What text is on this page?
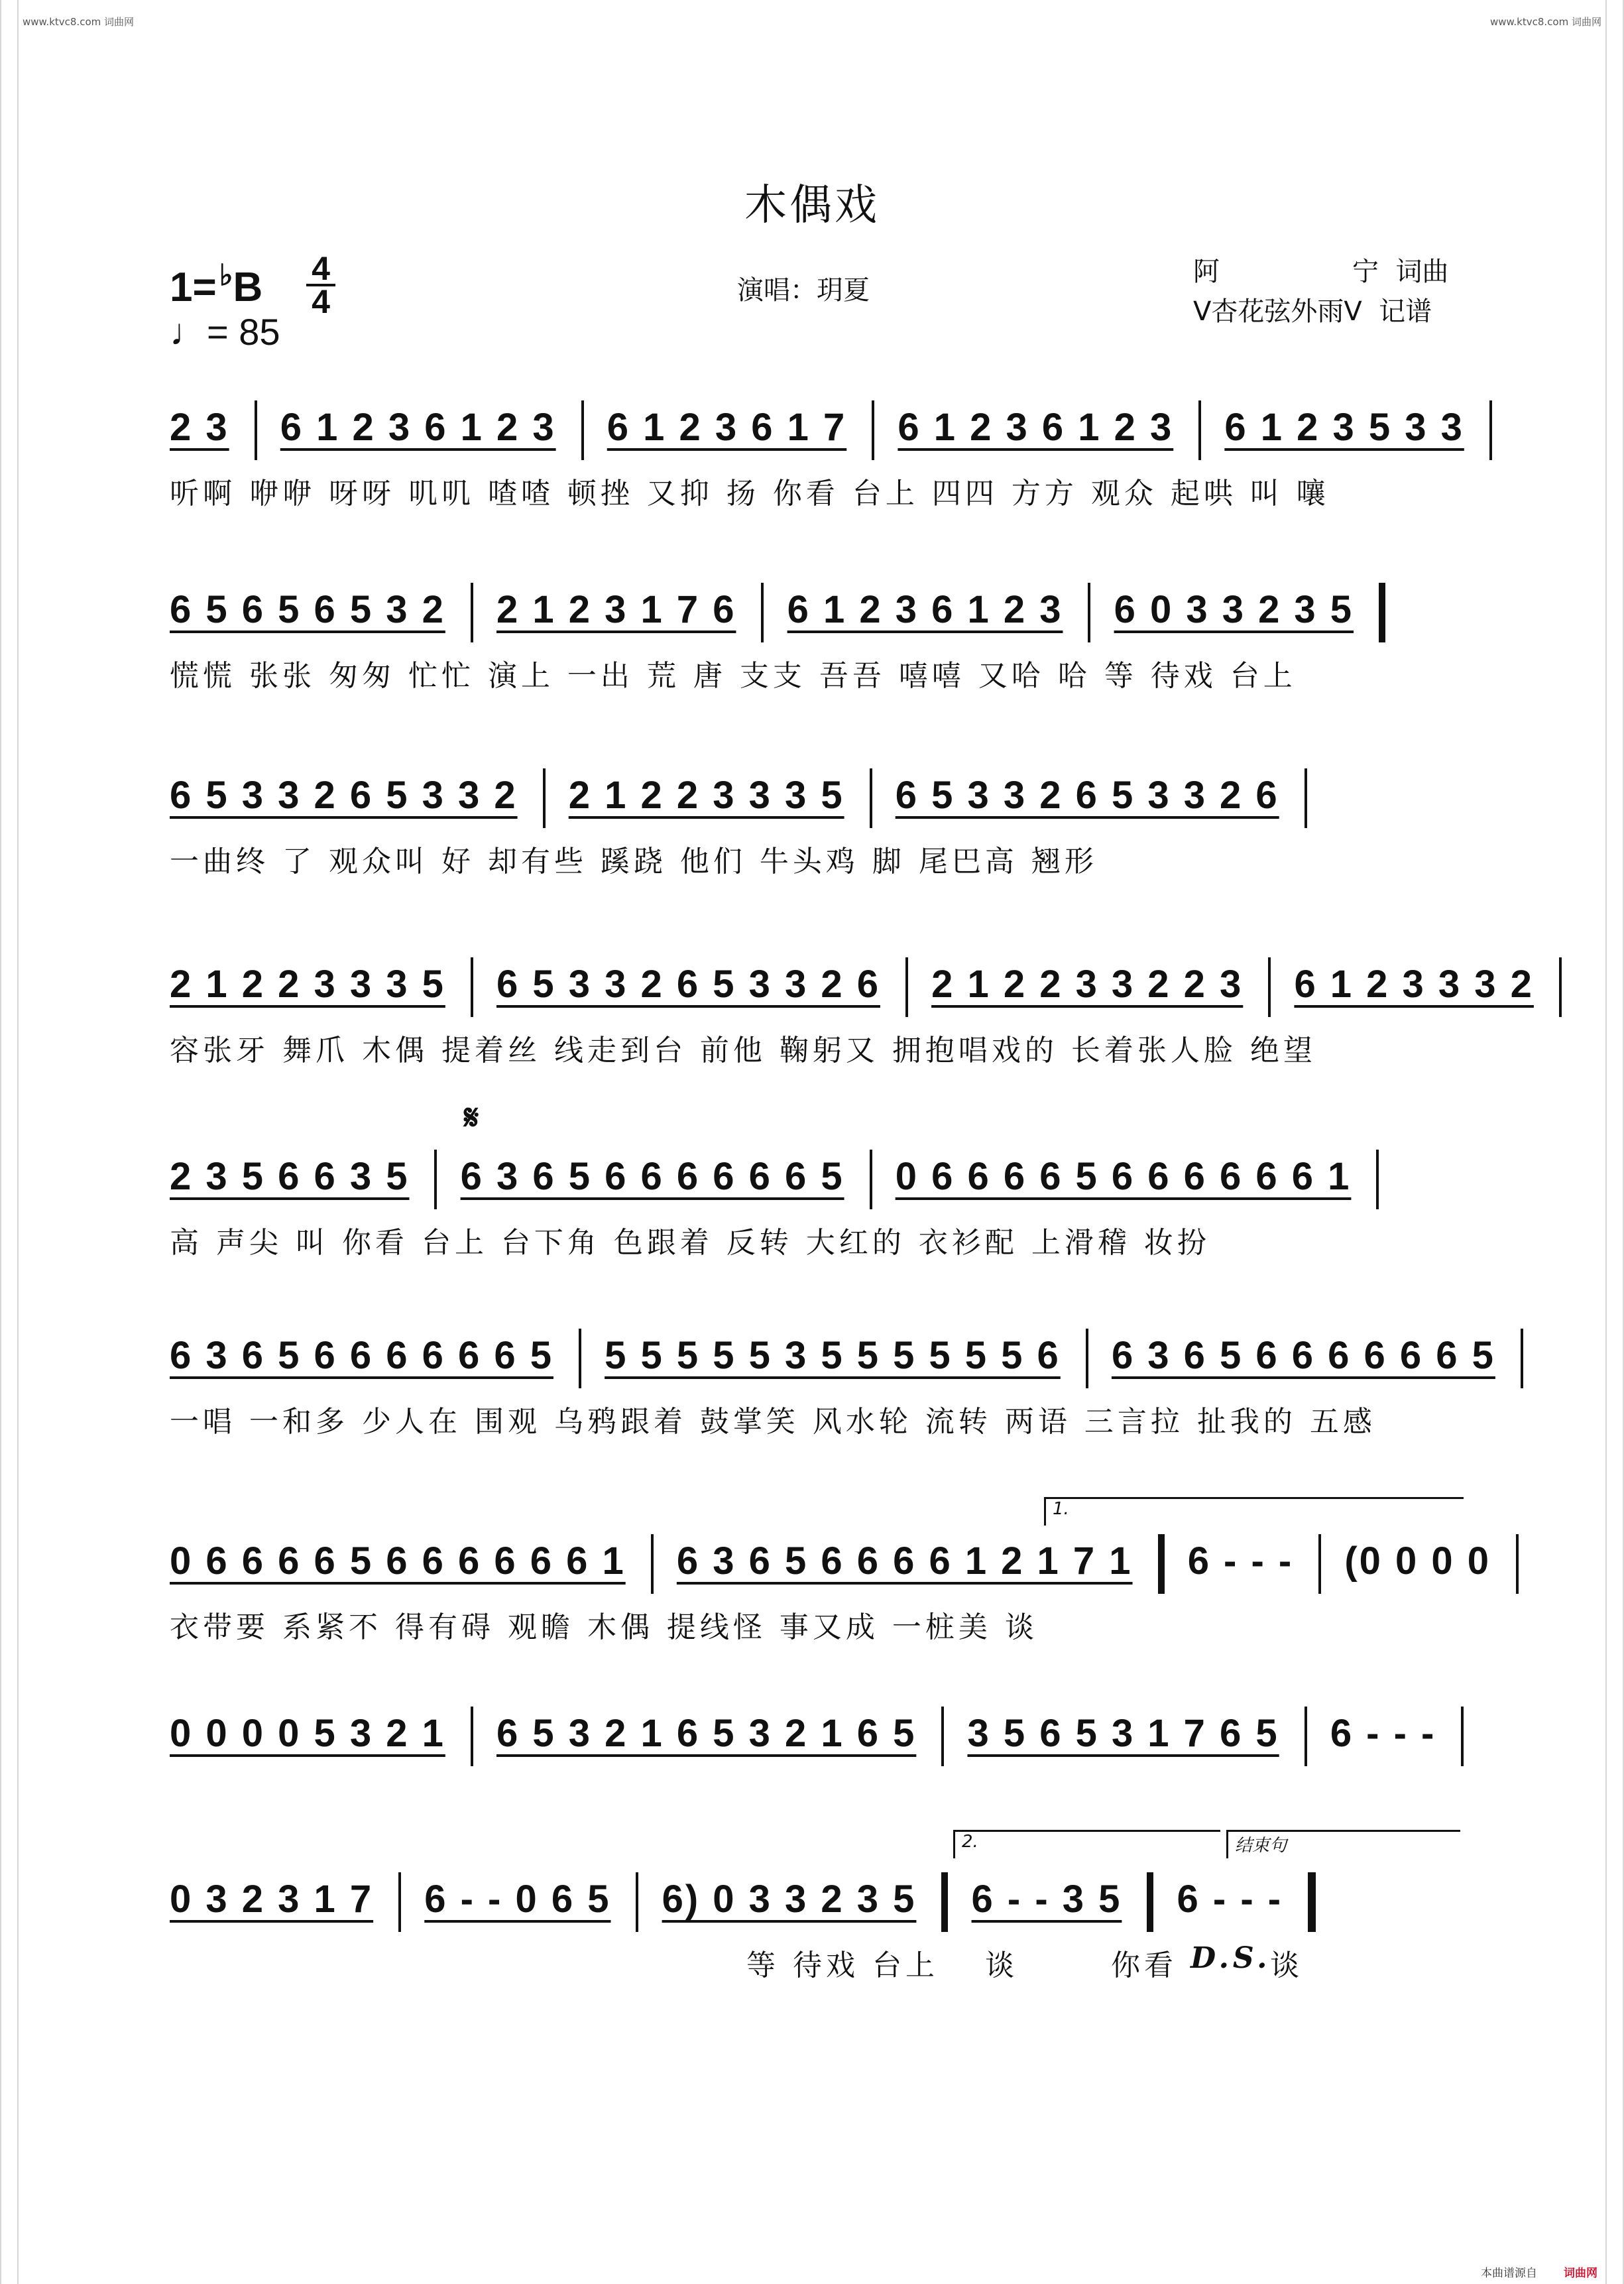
www.ktvc8.com 词曲网	www.ktvc8.com 词曲网
木偶戏
1=♭B 4
4
♩= 85
演唱：玥夏
阿	宁 词曲
V杏花弦外雨V 记谱
2 3 6 1 2 3 6 1 2 3 6 1 2 3 6 1 7 6 1 2 3 6 1 2 3 6 1 2 3 5 3 3
听啊 咿咿 呀呀 叽叽 喳喳 顿挫 又抑 扬 你看 台上 四四 方方 观众 起哄 叫 嚷
6 5 6 5 6 5 3 2 2 1 2 3 1 7 6 6 1 2 3 6 1 2 3 6 0 3 3 2 3 5
慌慌 张张 匆匆 忙忙 演上 一出 荒 唐 支支 吾吾 嘻嘻 又哈 哈 等 待戏 台上
6 5 3 3 2 6 5 3 3 2 2 1 2 2 3 3 3 5 6 5 3 3 2 6 5 3 3 2 6
一曲终 了 观众叫 好 却有些 蹊跷 他们 牛头鸡 脚 尾巴高 翘形
2 1 2 2 3 3 3 5 6 5 3 3 2 6 5 3 3 2 6 2 1 2 2 3 3 2 2 3 6 1 2 3 3 3 2
容张牙 舞爪 木偶 提着丝 线走到台 前他 鞠躬又 拥抱唱戏的 长着张人脸 绝望
𝄋
2 3 5 6 6 3 5 6 3 6 5 6 6 6 6 6 6 5 0 6 6 6 6 5 6 6 6 6 6 6 1
高 声尖 叫 你看 台上 台下角 色跟着 反转 大红的 衣衫配 上滑稽 妆扮
6 3 6 5 6 6 6 6 6 6 5 5 5 5 5 5 3 5 5 5 5 5 5 6 6 3 6 5 6 6 6 6 6 6 5
一唱 一和多 少人在 围观 乌鸦跟着 鼓掌笑 风水轮 流转 两语 三言拉 扯我的 五感
1.
0 6 6 6 6 5 6 6 6 6 6 6 1 6 3 6 5 6 6 6 6 1 2 1 7 1 6 - - - (0 0 0 0
衣带要 系紧不 得有碍 观瞻 木偶 提线怪 事又成 一桩美 谈
0 0 0 0 5 3 2 1 6 5 3 2 1 6 5 3 2 1 6 5 3 5 6 5 3 1 7 6 5 6 - - -
2.	结束句
0 3 2 3 1 7 6 - - 0 6 5 6) 0 3 3 2 3 5 6 - - 3 5 6 - - -
等 待戏 台上 谈	你看 D.S.
谈
本曲谱源自 词曲网
